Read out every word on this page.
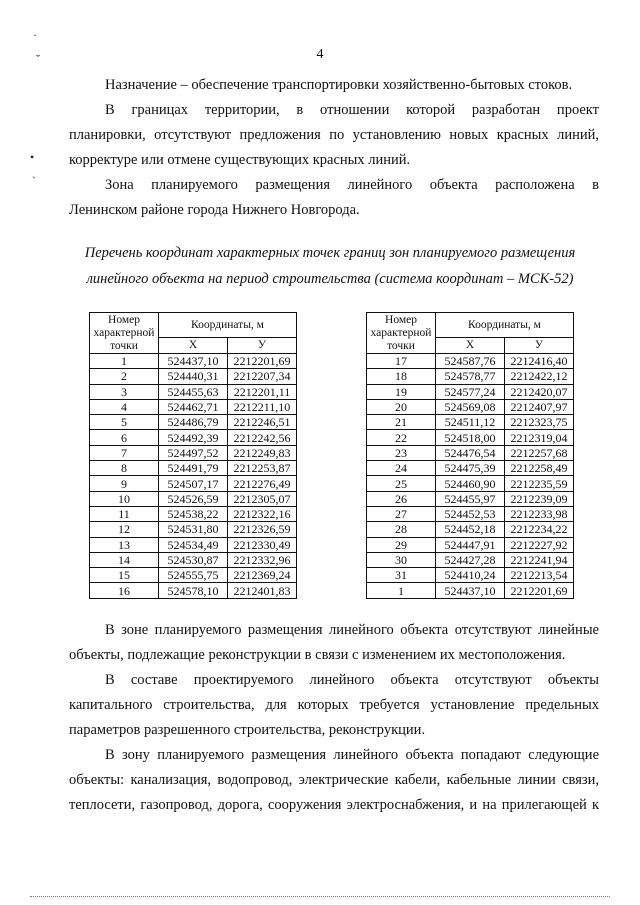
4
·
ˇ
•
ˋ
Назначение – обеспечение транспортировки хозяйственно-бытовых стоков.
В границах территории, в отношении которой разработан проект
планировки, отсутствуют предложения по установлению новых красных линий,
корректуре или отмене существующих красных линий.
Зона планируемого размещения линейного объекта расположена в
Ленинском районе города Нижнего Новгорода.
Перечень координат характерных точек границ зон планируемого размещения
линейного объекта на период строительства (система координат – МСК-52)
Номер характерной точки	Координаты, м	
	X	У
1	524437,10	2212201,69
2	524440,31	2212207,34
3	524455,63	2212201,11
4	524462,71	2212211,10
5	524486,79	2212246,51
6	524492,39	2212242,56
7	524497,52	2212249,83
8	524491,79	2212253,87
9	524507,17	2212276,49
10	524526,59	2212305,07
11	524538,22	2212322,16
12	524531,80	2212326,59
13	524534,49	2212330,49
14	524530,87	2212332,96
15	524555,75	2212369,24
16	524578,10	2212401,83
Номер характерной точки	Координаты, м	
	X	У
17	524587,76	2212416,40
18	524578,77	2212422,12
19	524577,24	2212420,07
20	524569,08	2212407,97
21	524511,12	2212323,75
22	524518,00	2212319,04
23	524476,54	2212257,68
24	524475,39	2212258,49
25	524460,90	2212235,59
26	524455,97	2212239,09
27	524452,53	2212233,98
28	524452,18	2212234,22
29	524447,91	2212227,92
30	524427,28	2212241,94
31	524410,24	2212213,54
1	524437,10	2212201,69
В зоне планируемого размещения линейного объекта отсутствуют линейные
объекты, подлежащие реконструкции в связи с изменением их местоположения.
В составе проектируемого линейного объекта отсутствуют объекты
капитального строительства, для которых требуется установление предельных
параметров разрешенного строительства, реконструкции.
В зону планируемого размещения линейного объекта попадают следующие
объекты: канализация, водопровод, электрические кабели, кабельные линии связи,
теплосети, газопровод, дорога, сооружения электроснабжения, и на прилегающей к
